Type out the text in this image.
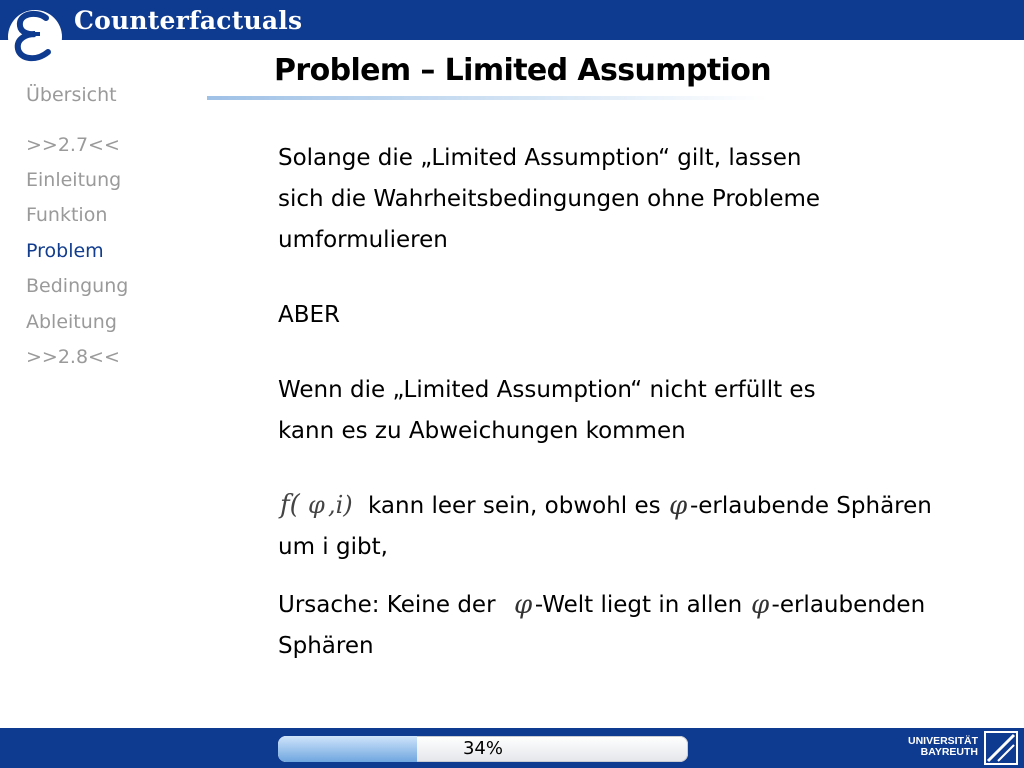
Counterfactuals
Problem – Limited Assumption
Übersicht
>>2.7<<
Einleitung
Funktion
Problem
Bedingung
Ableitung
>>2.8<<
Solange die „Limited Assumption“ gilt, lassen
sich die Wahrheitsbedingungen ohne Probleme
umformulieren
ABER
Wenn die „Limited Assumption“ nicht erfüllt es
kann es zu Abweichungen kommen
f( φ ,i) kann leer sein, obwohl es φ -erlaubende Sphären
um i gibt,
Ursache: Keine der φ -Welt liegt in allen φ -erlaubenden
Sphären
34%	UNIVERSITÄT
BAYREUTH
